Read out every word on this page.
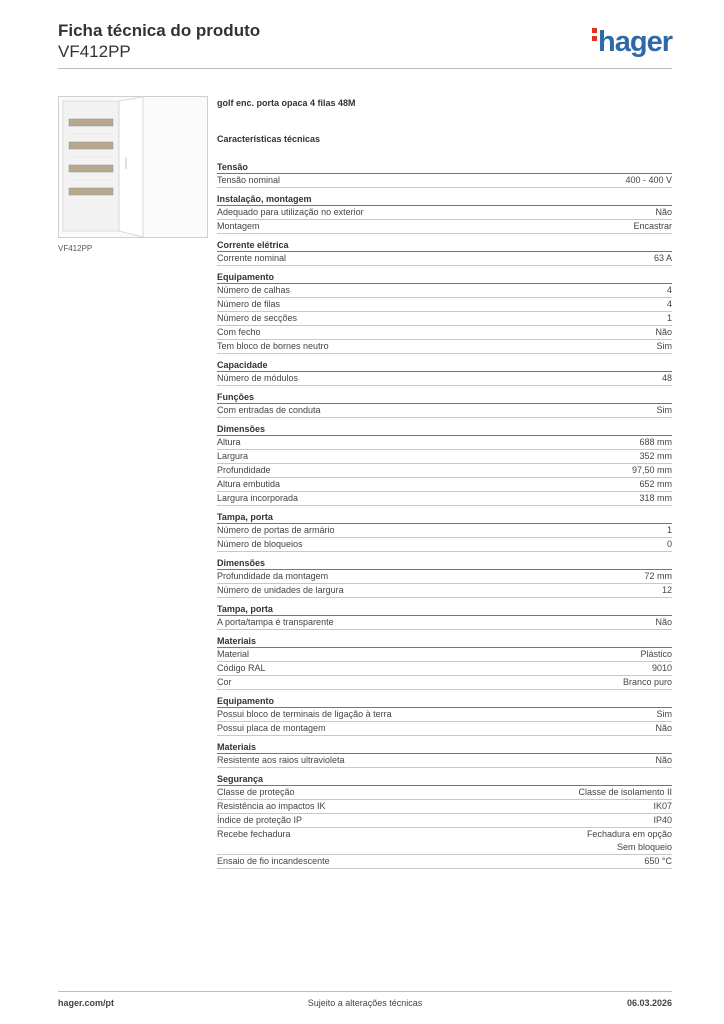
Ficha técnica do produto
VF412PP	hager
VF412PP
golf enc. porta opaca 4 filas 48M
Características técnicas
Tensão
Tensão nominal	400 - 400 V
Instalação, montagem
Adequado para utilização no exterior	Não
Montagem	Encastrar
Corrente elétrica
Corrente nominal	63 A
Equipamento
Número de calhas	4
Número de filas	4
Número de secções	1
Com fecho	Não
Tem bloco de bornes neutro	Sim
Capacidade
Número de módulos	48
Funções
Com entradas de conduta	Sim
Dimensões
Altura	688 mm
Largura	352 mm
Profundidade	97,50 mm
Altura embutida	652 mm
Largura incorporada	318 mm
Tampa, porta
Número de portas de armário	1
Número de bloqueios	0
Dimensões
Profundidade da montagem	72 mm
Número de unidades de largura	12
Tampa, porta
A porta/tampa é transparente	Não
Materiais
Material	Plástico
Código RAL	9010
Cor	Branco puro
Equipamento
Possui bloco de terminais de ligação à terra	Sim
Possui placa de montagem	Não
Materiais
Resistente aos raios ultravioleta	Não
Segurança
Classe de proteção	Classe de isolamento II
Resistência ao impactos IK	IK07
Índice de proteção IP	IP40
Recebe fechadura	Fechadura em opção
Sem bloqueio
Ensaio de fio incandescente	650 °C
hager.com/pt	Sujeito a alterações técnicas	06.03.2026
